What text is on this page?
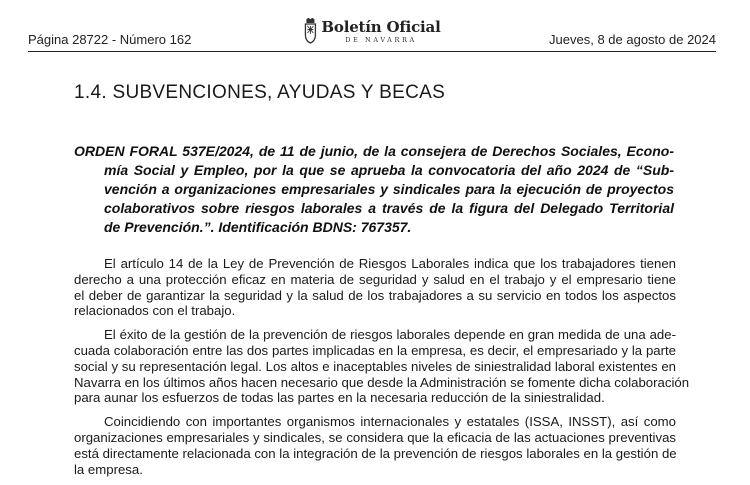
Página 28722 - Número 162
Boletín Oficial
DE NAVARRA	Jueves, 8 de agosto de 2024
1.4. SUBVENCIONES, AYUDAS Y BECAS
ORDEN FORAL 537E/2024, de 11 de junio, de la consejera de Derechos Sociales, Econo-
mía Social y Empleo, por la que se aprueba la convocatoria del año 2024 de “Sub-
vención a organizaciones empresariales y sindicales para la ejecución de proyectos
colaborativos sobre riesgos laborales a través de la figura del Delegado Territorial
de Prevención.”. Identificación BDNS: 767357.
El artículo 14 de la Ley de Prevención de Riesgos Laborales indica que los trabajadores tienen
derecho a una protección eficaz en materia de seguridad y salud en el trabajo y el empresario tiene
el deber de garantizar la seguridad y la salud de los trabajadores a su servicio en todos los aspectos
relacionados con el trabajo.
El éxito de la gestión de la prevención de riesgos laborales depende en gran medida de una ade-
cuada colaboración entre las dos partes implicadas en la empresa, es decir, el empresariado y la parte
social y su representación legal. Los altos e inaceptables niveles de siniestralidad laboral existentes en
Navarra en los últimos años hacen necesario que desde la Administración se fomente dicha colaboración
para aunar los esfuerzos de todas las partes en la necesaria reducción de la siniestralidad.
Coincidiendo con importantes organismos internacionales y estatales (ISSA, INSST), así como
organizaciones empresariales y sindicales, se considera que la eficacia de las actuaciones preventivas
está directamente relacionada con la integración de la prevención de riesgos laborales en la gestión de
la empresa.
